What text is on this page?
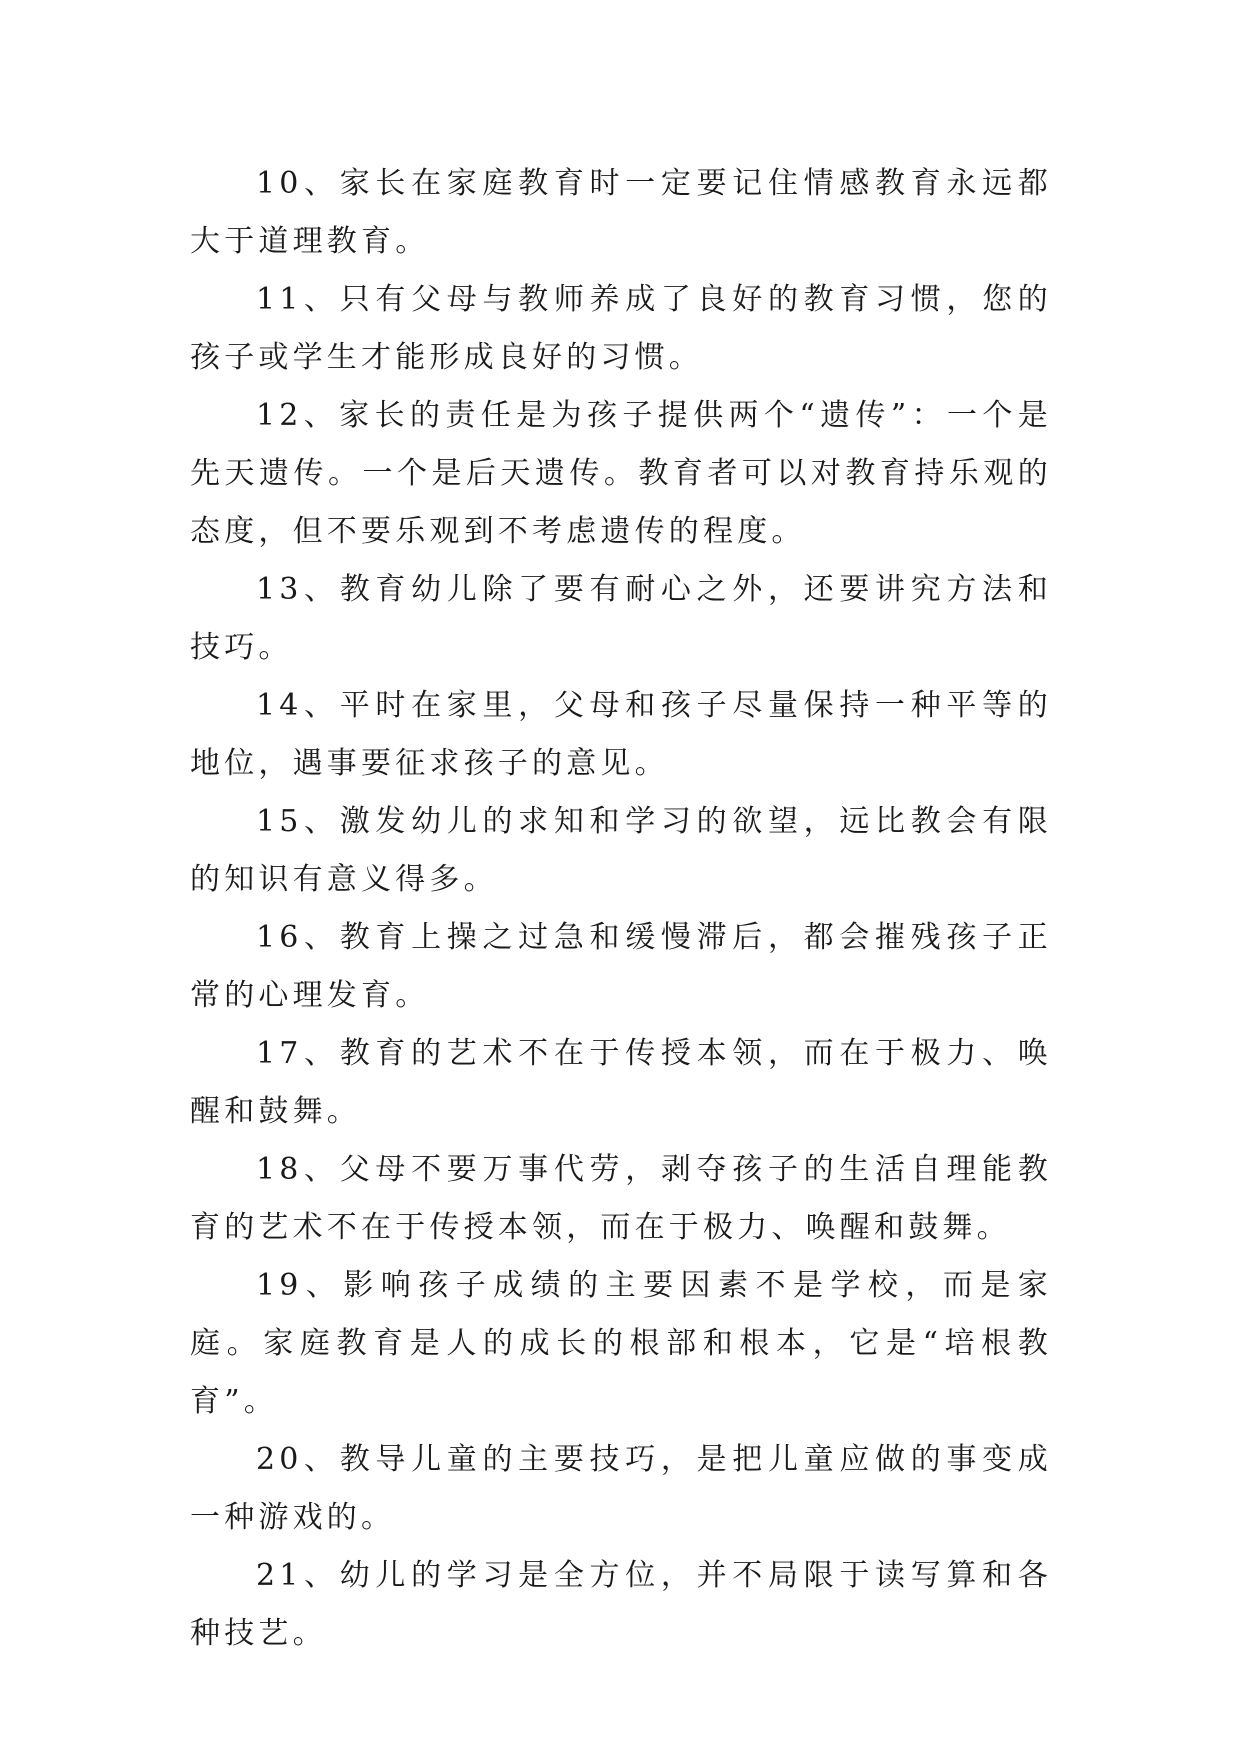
10、家长在家庭教育时一定要记住情感教育永远都大于道理教育。

11、只有父母与教师养成了良好的教育习惯，您的孩子或学生才能形成良好的习惯。

12、家长的责任是为孩子提供两个“遗传”：一个是先天遗传。一个是后天遗传。教育者可以对教育持乐观的态度，但不要乐观到不考虑遗传的程度。

13、教育幼儿除了要有耐心之外，还要讲究方法和技巧。

14、平时在家里，父母和孩子尽量保持一种平等的地位，遇事要征求孩子的意见。

15、激发幼儿的求知和学习的欲望，远比教会有限的知识有意义得多。

16、教育上操之过急和缓慢滞后，都会摧残孩子正常的心理发育。

17、教育的艺术不在于传授本领，而在于极力、唤醒和鼓舞。

18、父母不要万事代劳，剥夺孩子的生活自理能教育的艺术不在于传授本领，而在于极力、唤醒和鼓舞。

19、影响孩子成绩的主要因素不是学校，而是家庭。家庭教育是人的成长的根部和根本，它是“培根教育”。

20、教导儿童的主要技巧，是把儿童应做的事变成一种游戏的。

21、幼儿的学习是全方位，并不局限于读写算和各种技艺。
